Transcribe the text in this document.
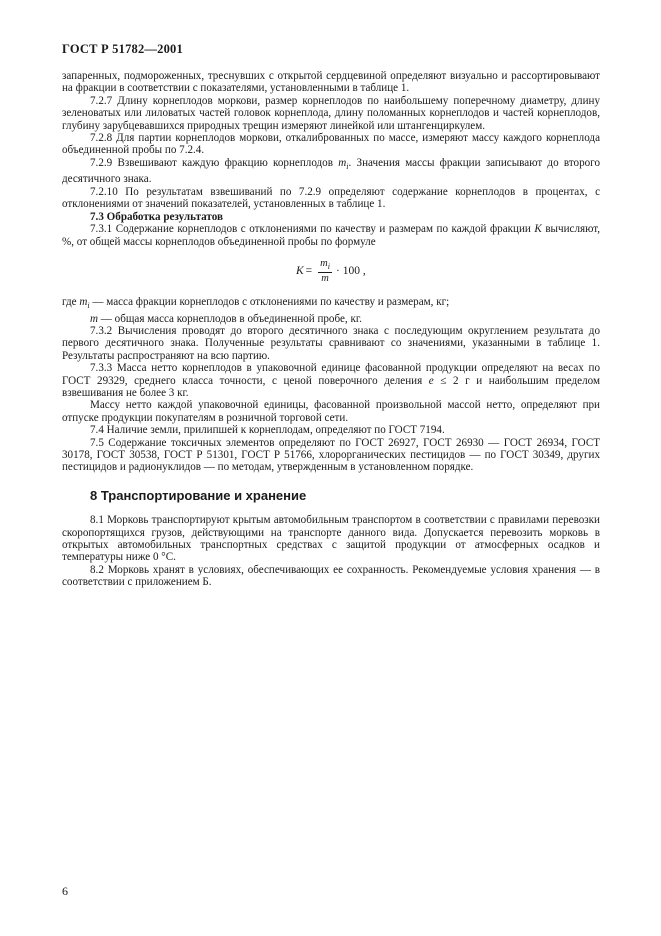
ГОСТ Р 51782—2001

запаренных, подмороженных, треснувших с открытой сердцевиной определяют визуально и рассортировывают на фракции в соответствии с показателями, установленными в таблице 1.

7.2.7 Длину корнеплодов моркови, размер корнеплодов по наибольшему поперечному диаметру, длину зеленоватых или лиловатых частей головок корнеплода, длину поломанных корнеплодов и частей корнеплодов, глубину зарубцевавшихся природных трещин измеряют линейкой или штангенциркулем.

7.2.8 Для партии корнеплодов моркови, откалиброванных по массе, измеряют массу каждого корнеплода объединенной пробы по 7.2.4.

7.2.9 Взвешивают каждую фракцию корнеплодов $m_i$. Значения массы фракции записывают до второго десятичного знака.

7.2.10 По результатам взвешиваний по 7.2.9 определяют содержание корнеплодов в процентах, с отклонениями от значений показателей, установленных в таблице 1.

7.3 Обработка результатов

7.3.1 Содержание корнеплодов с отклонениями по качеству и размерам по каждой фракции K вычисляют, %, от общей массы корнеплодов объединенной пробы по формуле

$K = \frac{m_i}{m} \cdot 100$ ,

где $m_i$ — масса фракции корнеплодов с отклонениями по качеству и размерам, кг;

m — общая масса корнеплодов в объединенной пробе, кг.

7.3.2 Вычисления проводят до второго десятичного знака с последующим округлением результата до первого десятичного знака. Полученные результаты сравнивают со значениями, указанными в таблице 1. Результаты распространяют на всю партию.

7.3.3 Масса нетто корнеплодов в упаковочной единице фасованной продукции определяют на весах по ГОСТ 29329, среднего класса точности, с ценой поверочного деления e ≤ 2 г и наибольшим пределом взвешивания не более 3 кг.

Массу нетто каждой упаковочной единицы, фасованной произвольной массой нетто, определяют при отпуске продукции покупателям в розничной торговой сети.

7.4 Наличие земли, прилипшей к корнеплодам, определяют по ГОСТ 7194.

7.5 Содержание токсичных элементов определяют по ГОСТ 26927, ГОСТ 26930 — ГОСТ 26934, ГОСТ 30178, ГОСТ 30538, ГОСТ Р 51301, ГОСТ Р 51766, хлорорганических пестицидов — по ГОСТ 30349, других пестицидов и радионуклидов — по методам, утвержденным в установленном порядке.

8 Транспортирование и хранение

8.1 Морковь транспортируют крытым автомобильным транспортом в соответствии с правилами перевозки скоропортящихся грузов, действующими на транспорте данного вида. Допускается перевозить морковь в открытых автомобильных транспортных средствах с защитой продукции от атмосферных осадков и температуры ниже 0 °C.

8.2 Морковь хранят в условиях, обеспечивающих ее сохранность. Рекомендуемые условия хранения — в соответствии с приложением Б.

6
